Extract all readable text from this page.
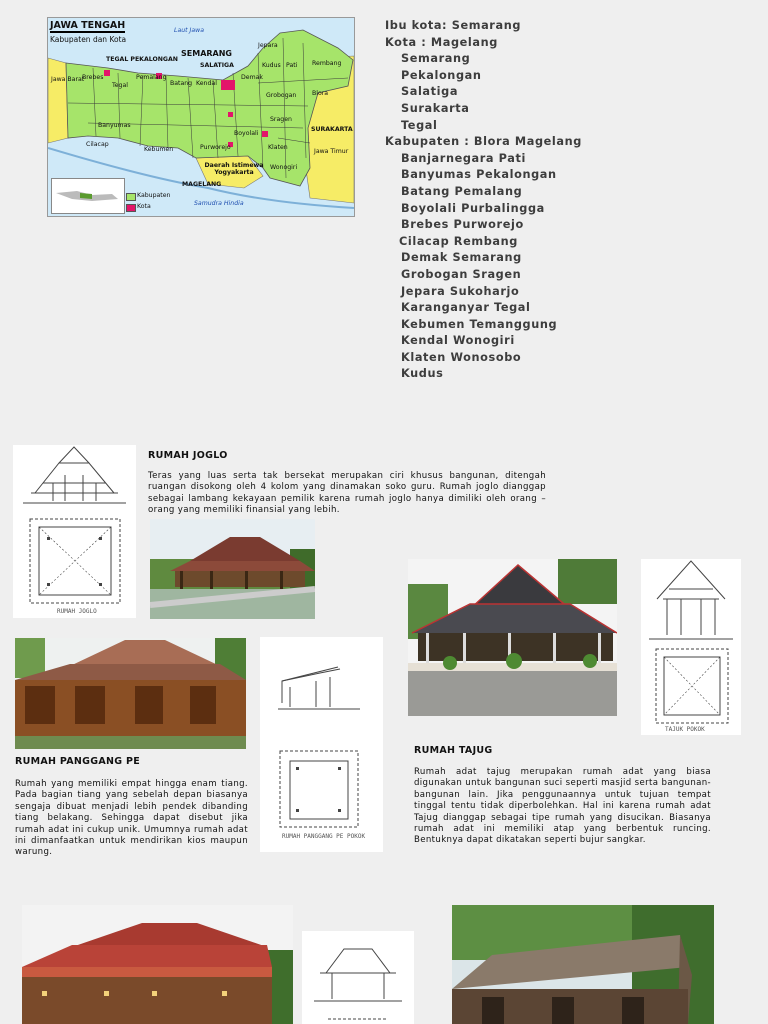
JAWA TENGAH
Kabupaten dan Kota
Laut Jawa
Samudra Hindia
SEMARANG
TEGAL PEKALONGAN
SALATIGA
SURAKARTA
MAGELANG
Jawa Barat
Brebes
Tegal
Pemalang
Batang Kendal
Demak
Kudus Pati Rembang
Jepara
Blora
Grobogan
Cilacap
Banyumas
Kebumen	Purworejo
Sragen
Klaten
Wonogiri
Boyolali
Jawa Timur
Daerah Istimewa Yogyakarta
Kabupaten
Kota
Ibu kota: Semarang
Kota : Magelang
Semarang
Pekalongan
Salatiga
Surakarta
Tegal
Kabupaten : Blora Magelang
Banjarnegara Pati
Banyumas Pekalongan
Batang Pemalang
Boyolali Purbalingga
Brebes Purworejo
Cilacap Rembang
Demak Semarang
Grobogan Sragen
Jepara Sukoharjo
Karanganyar Tegal
Kebumen Temanggung
Kendal Wonogiri
Klaten Wonosobo
Kudus
RUMAH JOGLO
RUMAH JOGLO
Teras yang luas serta tak bersekat merupakan ciri khusus bangunan, ditengah ruangan disokong oleh 4 kolom yang dinamakan soko guru. Rumah joglo dianggap sebagai lambang kekayaan pemilik karena rumah joglo hanya dimiliki oleh orang – orang yang memiliki finansial yang lebih.
TAJUK POKOK
RUMAH TAJUG
Rumah adat tajug merupakan rumah adat yang biasa digunakan untuk bangunan suci seperti masjid serta bangunan-bangunan lain. Jika penggunaannya untuk tujuan tempat tinggal tentu tidak diperbolehkan. Hal ini karena rumah adat Tajug dianggap sebagai tipe rumah yang disucikan. Biasanya rumah adat ini memiliki atap yang berbentuk runcing. Bentuknya dapat dikatakan seperti bujur sangkar.
RUMAH PANGGANG PE POKOK
RUMAH PANGGANG PE
Rumah yang memiliki empat hingga enam tiang. Pada bagian tiang yang sebelah depan biasanya sengaja dibuat menjadi lebih pendek dibanding tiang belakang. Sehingga dapat disebut jika rumah adat ini cukup unik. Umumnya rumah adat ini dimanfaatkan untuk mendirikan kios maupun warung.
